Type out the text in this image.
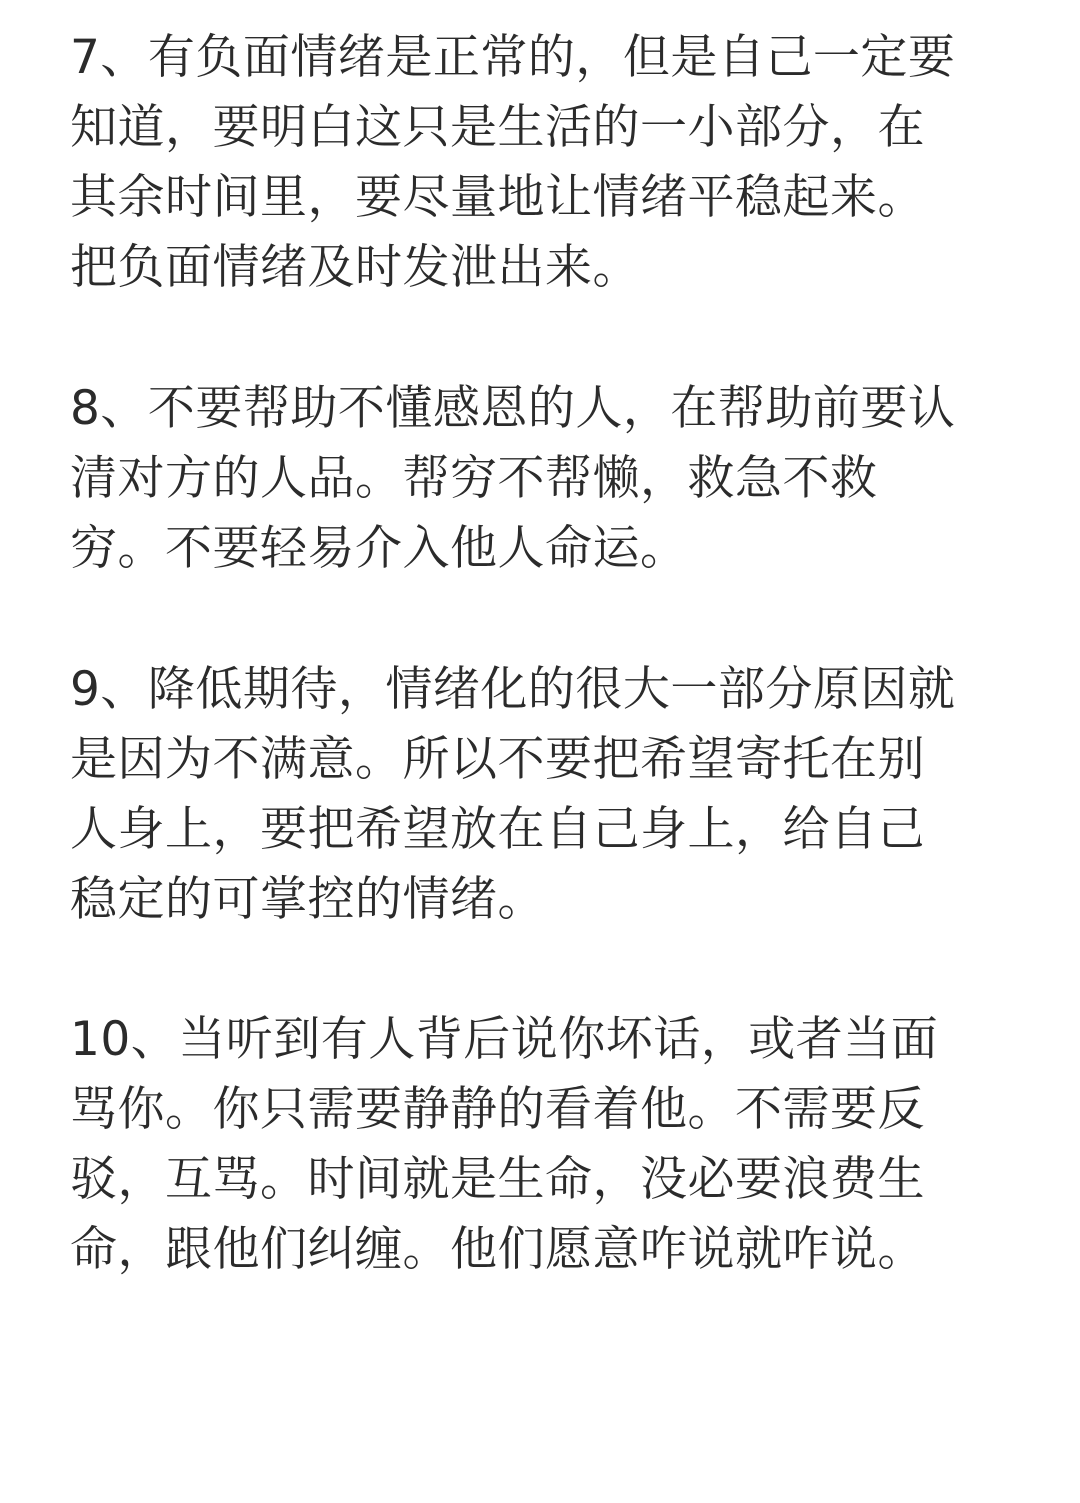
7、有负面情绪是正常的，但是自己一定要
知道，要明白这只是生活的一小部分，在
其余时间里，要尽量地让情绪平稳起来。
把负面情绪及时发泄出来。

8、不要帮助不懂感恩的人，在帮助前要认
清对方的人品。帮穷不帮懒，救急不救
穷。不要轻易介入他人命运。

9、降低期待，情绪化的很大一部分原因就
是因为不满意。所以不要把希望寄托在别
人身上，要把希望放在自己身上，给自己
稳定的可掌控的情绪。

10、当听到有人背后说你坏话，或者当面
骂你。你只需要静静的看着他。不需要反
驳，互骂。时间就是生命，没必要浪费生
命，跟他们纠缠。他们愿意咋说就咋说。
